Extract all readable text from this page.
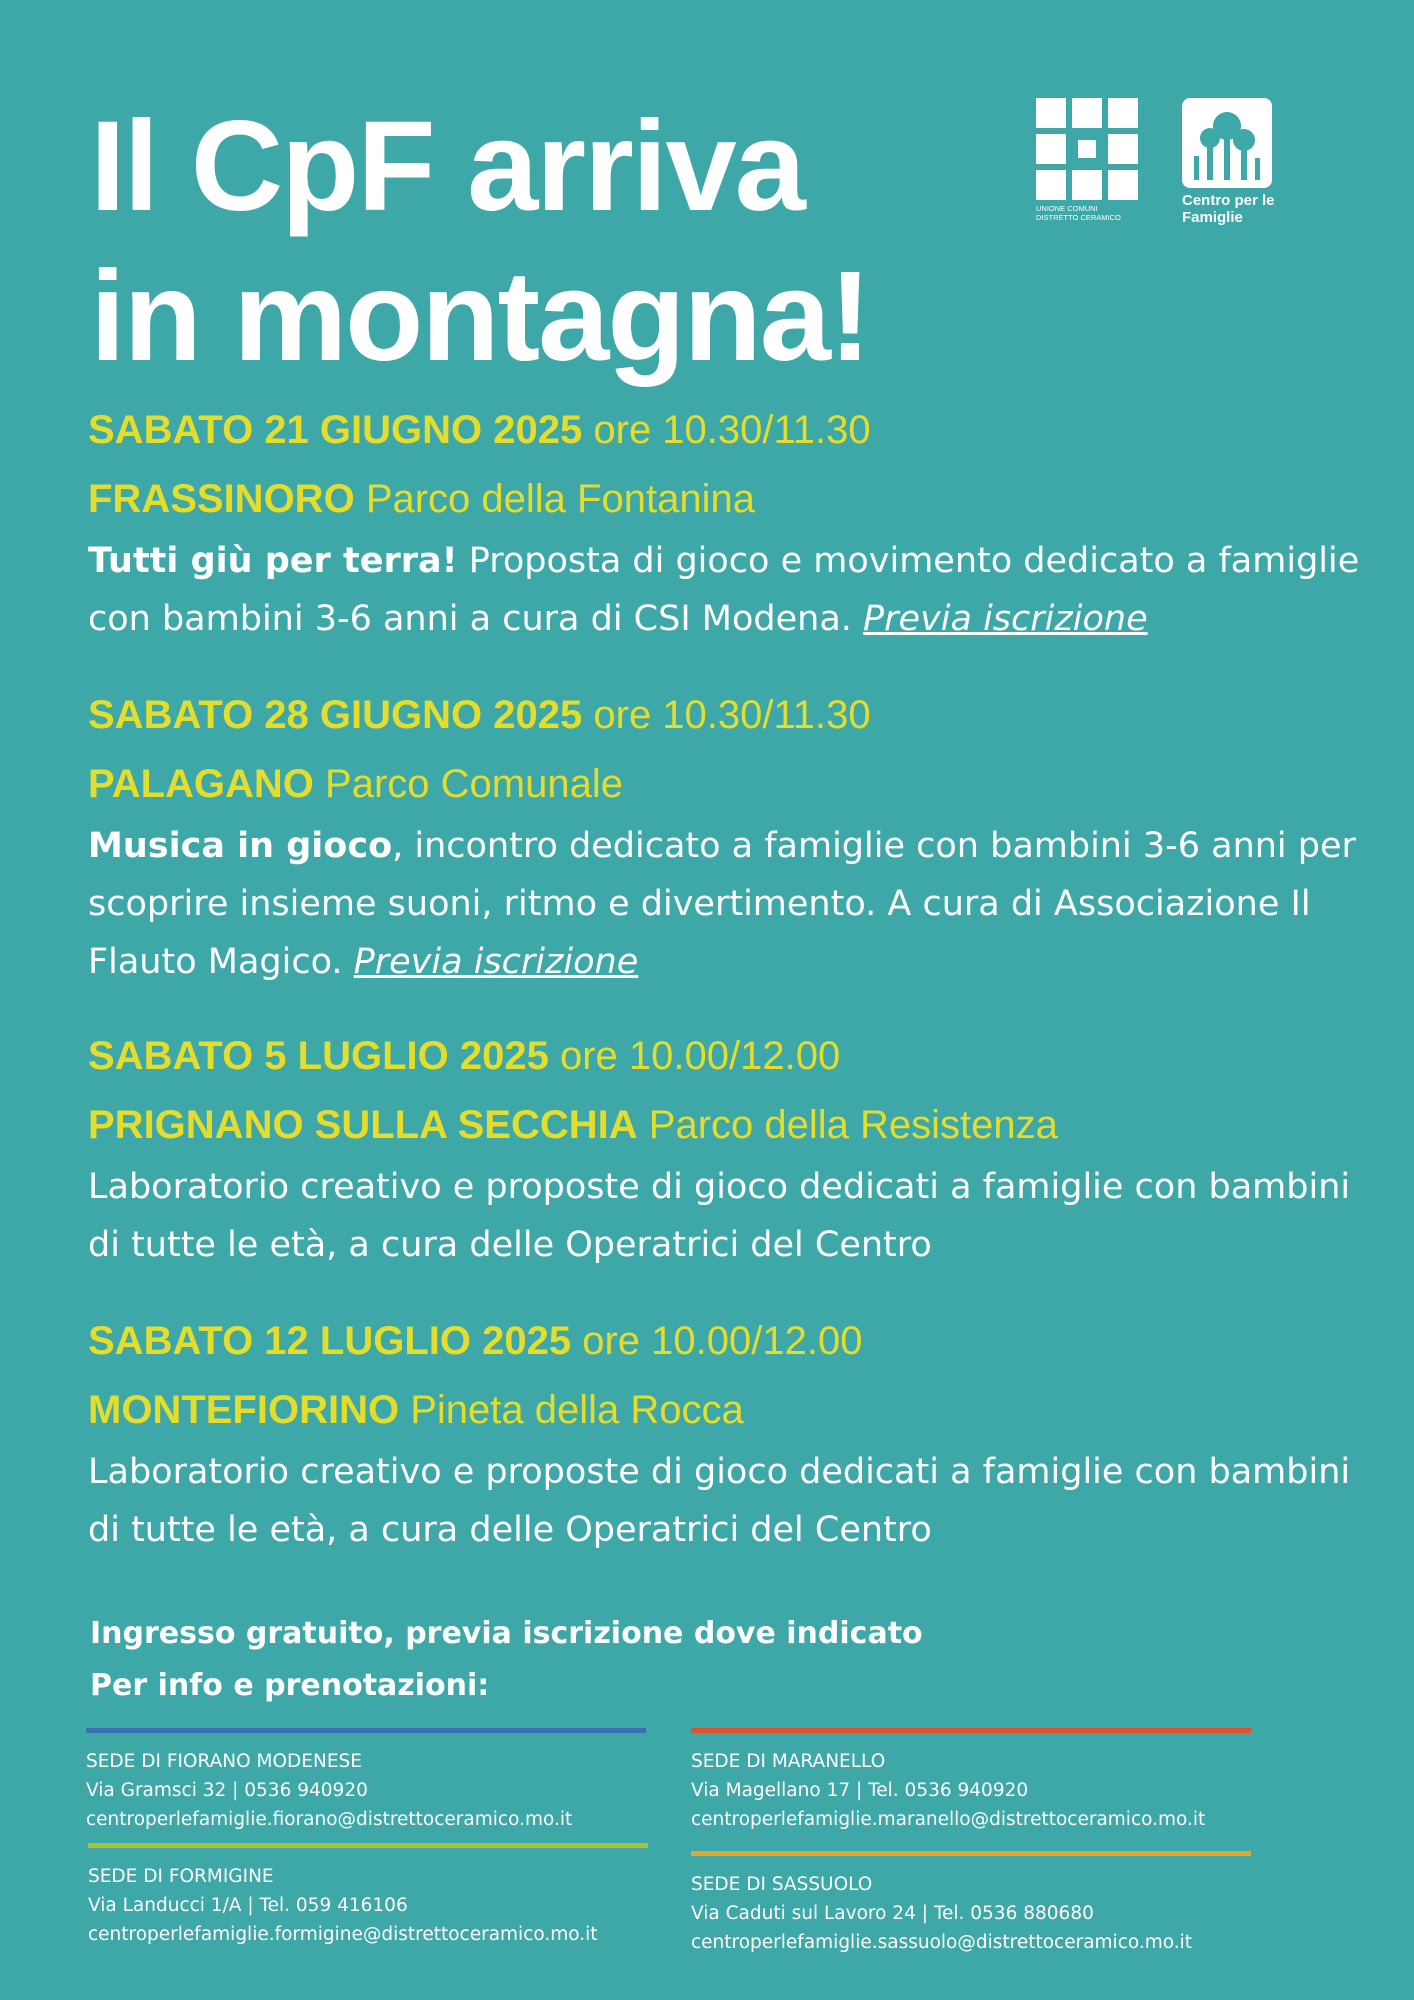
Il CpF arriva
in montagna!
UNIONE COMUNI
DISTRETTO CERAMICO
Centro per le
Famiglie
SABATO 21 GIUGNO 2025 ore 10.30/11.30
FRASSINORO Parco della Fontanina
Tutti giù per terra! Proposta di gioco e movimento dedicato a famiglie con bambini 3-6 anni a cura di CSI Modena. Previa iscrizione
SABATO 28 GIUGNO 2025 ore 10.30/11.30
PALAGANO Parco Comunale
Musica in gioco, incontro dedicato a famiglie con bambini 3-6 anni per scoprire insieme suoni, ritmo e divertimento. A cura di Associazione Il Flauto Magico. Previa iscrizione
SABATO 5 LUGLIO 2025 ore 10.00/12.00
PRIGNANO SULLA SECCHIA Parco della Resistenza
Laboratorio creativo e proposte di gioco dedicati a famiglie con bambini di tutte le età, a cura delle Operatrici del Centro
SABATO 12 LUGLIO 2025 ore 10.00/12.00
MONTEFIORINO Pineta della Rocca
Laboratorio creativo e proposte di gioco dedicati a famiglie con bambini di tutte le età, a cura delle Operatrici del Centro
Ingresso gratuito, previa iscrizione dove indicato
Per info e prenotazioni:
SEDE DI FIORANO MODENESE
Via Gramsci 32 | 0536 940920
centroperlefamiglie.fiorano@distrettoceramico.mo.it
SEDE DI MARANELLO
Via Magellano 17 | Tel. 0536 940920
centroperlefamiglie.maranello@distrettoceramico.mo.it
SEDE DI FORMIGINE
Via Landucci 1/A | Tel. 059 416106
centroperlefamiglie.formigine@distrettoceramico.mo.it
SEDE DI SASSUOLO
Via Caduti sul Lavoro 24 | Tel. 0536 880680
centroperlefamiglie.sassuolo@distrettoceramico.mo.it
